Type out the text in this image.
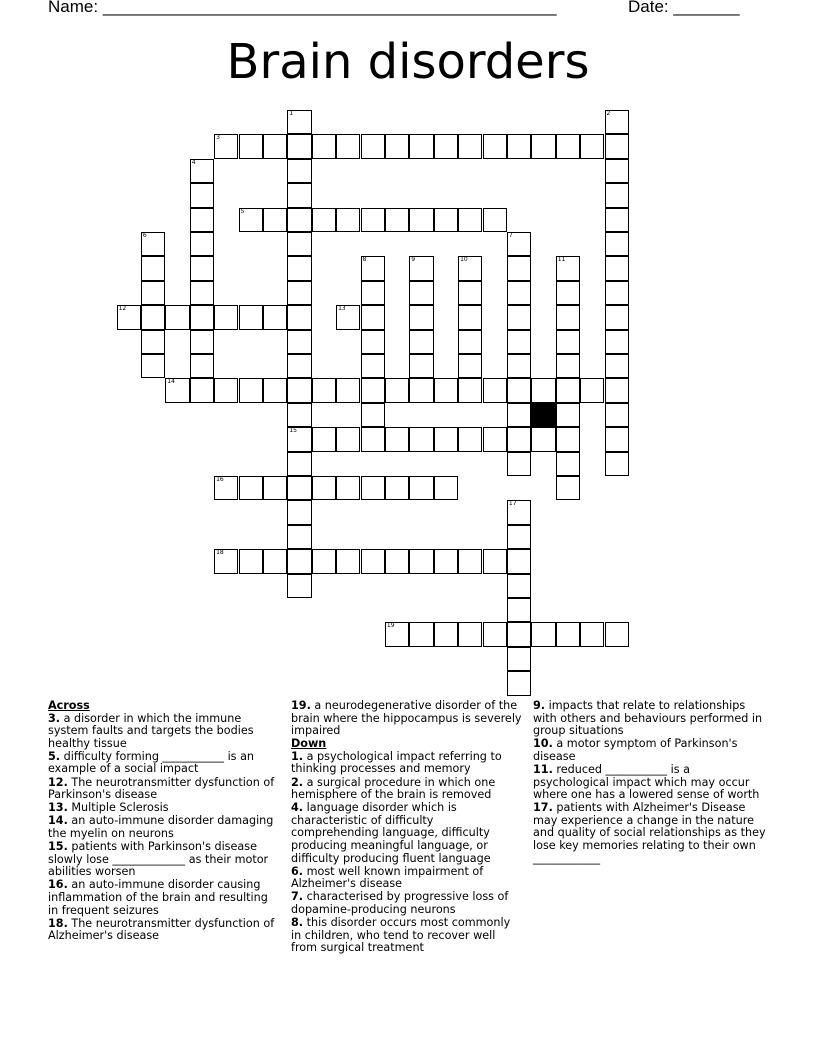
Name: ________________________________________________	Date: _______
Brain disorders
3
5
12	13
14
15
16
18
19
1	2
4
6	7
8	9	10	11
17

Across

3. a disorder in which the immune system faults and targets the bodies healthy tissue

5. difficulty forming ___________ is an example of a social impact

12. The neurotransmitter dysfunction of Parkinson's disease

13. Multiple Sclerosis

14. an auto-immune disorder damaging the myelin on neurons

15. patients with Parkinson's disease slowly lose _____________ as their motor abilities worsen

16. an auto-immune disorder causing inflammation of the brain and resulting in frequent seizures

18. The neurotransmitter dysfunction of Alzheimer's disease

19. a neurodegenerative disorder of the brain where the hippocampus is severely impaired

Down

1. a psychological impact referring to thinking processes and memory

2. a surgical procedure in which one hemisphere of the brain is removed

4. language disorder which is characteristic of difficulty comprehending language, difficulty producing meaningful language, or difficulty producing fluent language

6. most well known impairment of Alzheimer's disease

7. characterised by progressive loss of dopamine-producing neurons

8. this disorder occurs most commonly in children, who tend to recover well from surgical treatment

9. impacts that relate to relationships with others and behaviours performed in group situations

10. a motor symptom of Parkinson's disease

11. reduced ___________ is a psychological impact which may occur where one has a lowered sense of worth

17. patients with Alzheimer's Disease may experience a change in the nature and quality of social relationships as they lose key memories relating to their own ____________
